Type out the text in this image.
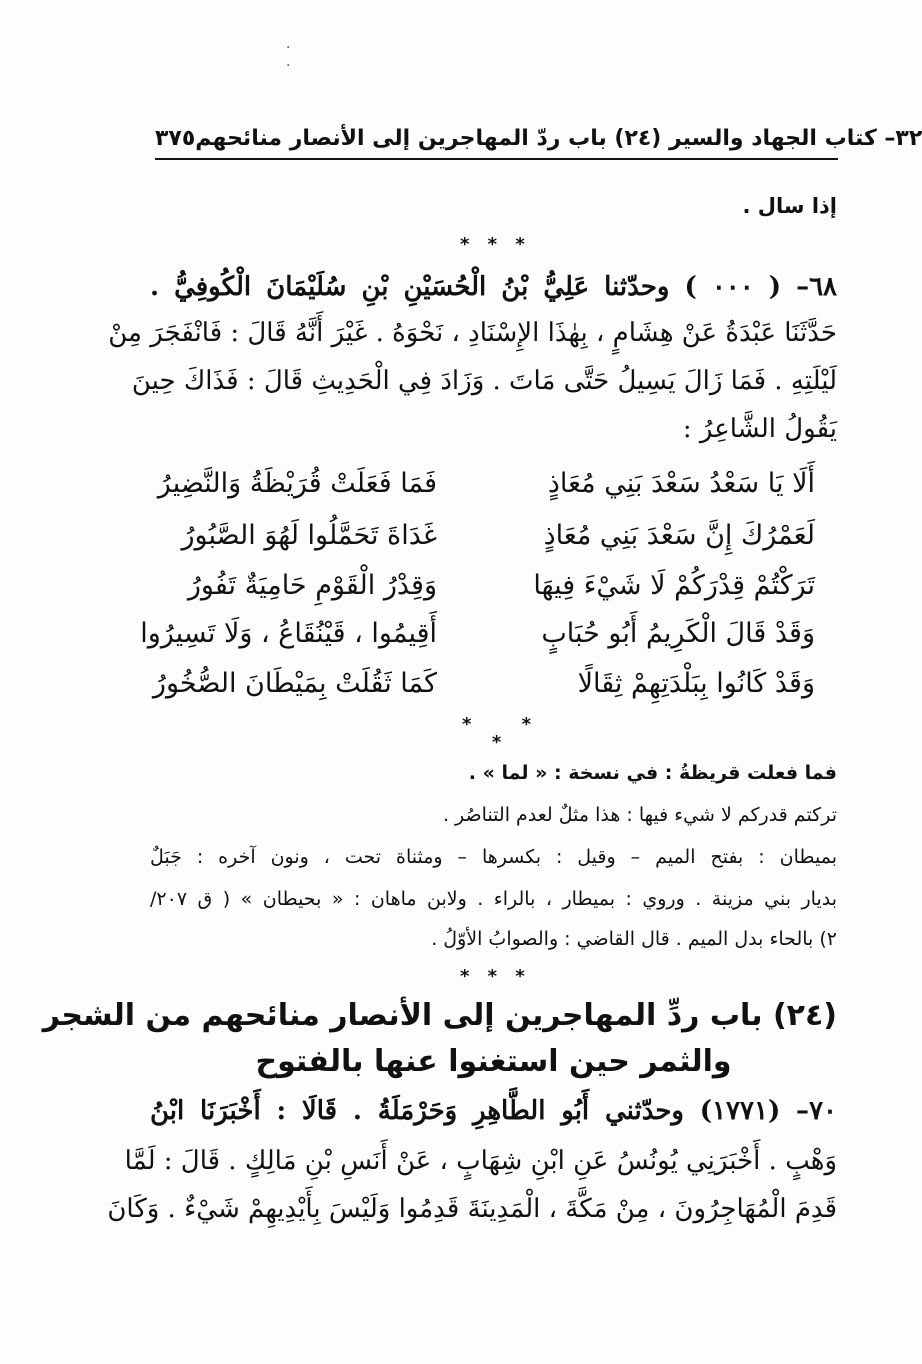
·
·
٣٧٥ ٣٢– كتاب الجهاد والسير (٢٤) باب ردّ المهاجرين إلى الأنصار منائحهم
إذا سال .
* * *
٦٨– ( ٠٠٠ ) وحدّثنا عَلِيُّ بْنُ الْحُسَيْنِ بْنِ سُلَيْمَانَ الْكُوفِيُّ .
حَدَّثَنَا عَبْدَةُ عَنْ هِشَامٍ ، بِهٰذَا الإِسْنَادِ ، نَحْوَهُ . غَيْرَ أَنَّهُ قَالَ : فَانْفَجَرَ مِنْ
لَيْلَتِهِ . فَمَا زَالَ يَسِيلُ حَتَّى مَاتَ . وَزَادَ فِي الْحَدِيثِ قَالَ : فَذَاكَ حِينَ
يَقُولُ الشَّاعِرُ :
أَلَا يَا سَعْدُ سَعْدَ بَنِي مُعَاذٍ
فَمَا فَعَلَتْ قُرَيْظَةُ وَالنَّضِيرُ
لَعَمْرُكَ إِنَّ سَعْدَ بَنِي مُعَاذٍ
غَدَاةَ تَحَمَّلُوا لَهُوَ الصَّبُورُ
تَرَكْتُمْ قِدْرَكُمْ لَا شَيْءَ فِيهَا
وَقِدْرُ الْقَوْمِ حَامِيَةٌ تَفُورُ
وَقَدْ قَالَ الْكَرِيمُ أَبُو حُبَابٍ
أَقِيمُوا ، قَيْنُقَاعُ ، وَلَا تَسِيرُوا
وَقَدْ كَانُوا بِبَلْدَتِهِمْ ثِقَالًا
كَمَا ثَقُلَتْ بِمَيْطَانَ الصُّخُورُ
* *
*
فما فعلت قريظةُ : في نسخة : « لما » .
تركتم قدركم لا شيء فيها : هذا مثلٌ لعدم التناصُر .
بميطان : بفتح الميم – وقيل : بكسرها – ومثناة تحت ، ونون آخره : جَبَلٌ
بديار بني مزينة . وروي : بميطار ، بالراء . ولابن ماهان : « بحيطان » ( ق ٢٠٧/
٢) بالحاء بدل الميم . قال القاضي : والصوابُ الأوّلُ .
* * *
(٢٤) باب ردِّ المهاجرين إلى الأنصار منائحهم من الشجر
والثمر حين استغنوا عنها بالفتوح
٧٠– (١٧٧١) وحدّثني أَبُو الطَّاهِرِ وَحَرْمَلَةُ . قَالَا : أَخْبَرَنَا ابْنُ
وَهْبٍ . أَخْبَرَنِي يُونُسُ عَنِ ابْنِ شِهَابٍ ، عَنْ أَنَسِ بْنِ مَالِكٍ . قَالَ : لَمَّا
قَدِمَ الْمُهَاجِرُونَ ، مِنْ مَكَّةَ ، الْمَدِينَةَ قَدِمُوا وَلَيْسَ بِأَيْدِيهِمْ شَيْءٌ . وَكَانَ
